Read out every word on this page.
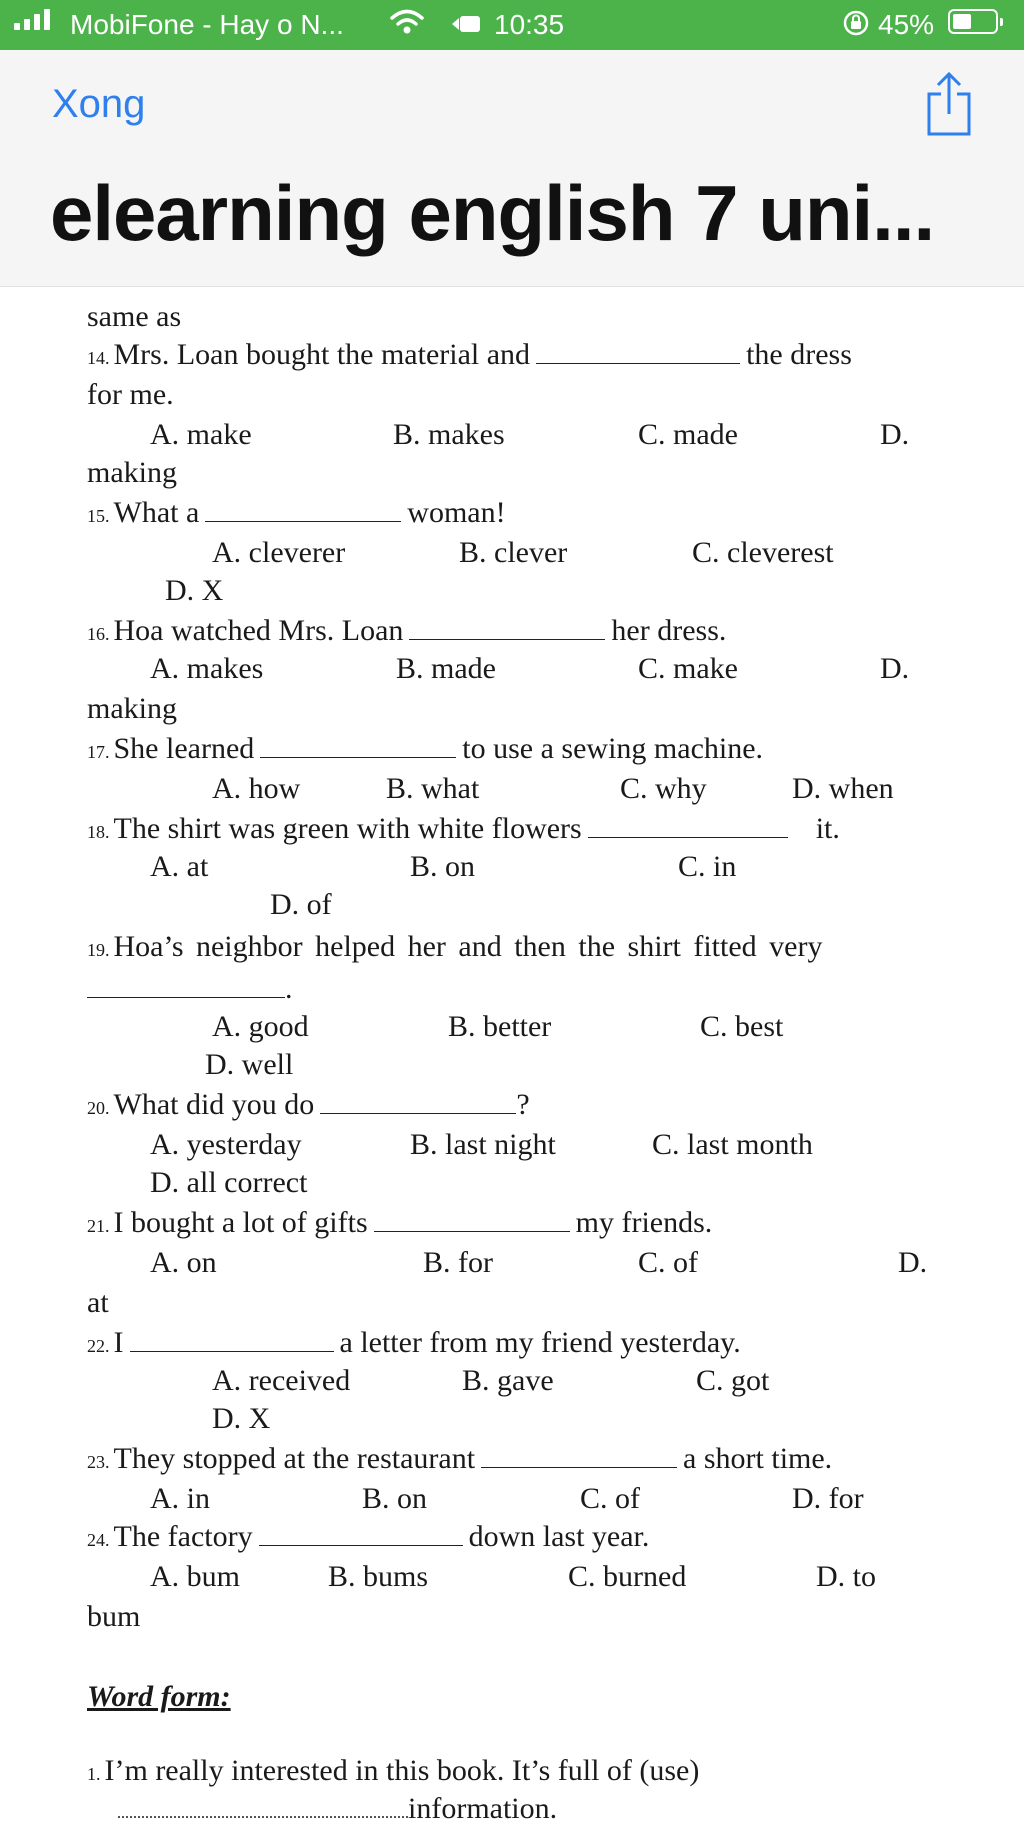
MobiFone - Hay o N...	10:35	45%
Xong
elearning english 7 uni...
same as
14. Mrs. Loan bought the material and	the dress
for me.
A. make	B. makes	C. made	D.
making
15. What a	woman!
A. cleverer	B. clever	C. cleverest
D. X
16. Hoa watched Mrs. Loan	her dress.
A. makes	B. made	C. make	D.
making
17. She learned	to use a sewing machine.
A. how	B. what	C. why	D. when
18. The shirt was green with white flowers	it.
A. at	B. on	C. in
D. of
19. Hoa’s neighbor helped her and then the shirt fitted very
.
A. good	B. better	C. best
D. well
20. What did you do	?
A. yesterday	B. last night	C. last month
D. all correct
21. I bought a lot of gifts	my friends.
A. on	B. for	C. of	D.
at
22. I	a letter from my friend yesterday.
A. received	B. gave	C. got
D. X
23. They stopped at the restaurant	a short time.
A. in	B. on	C. of	D. for
24. The factory	down last year.
A. bum	B. bums	C. burned	D. to
bum
Word form:
1. I’m really interested in this book. It’s full of (use)
information.
